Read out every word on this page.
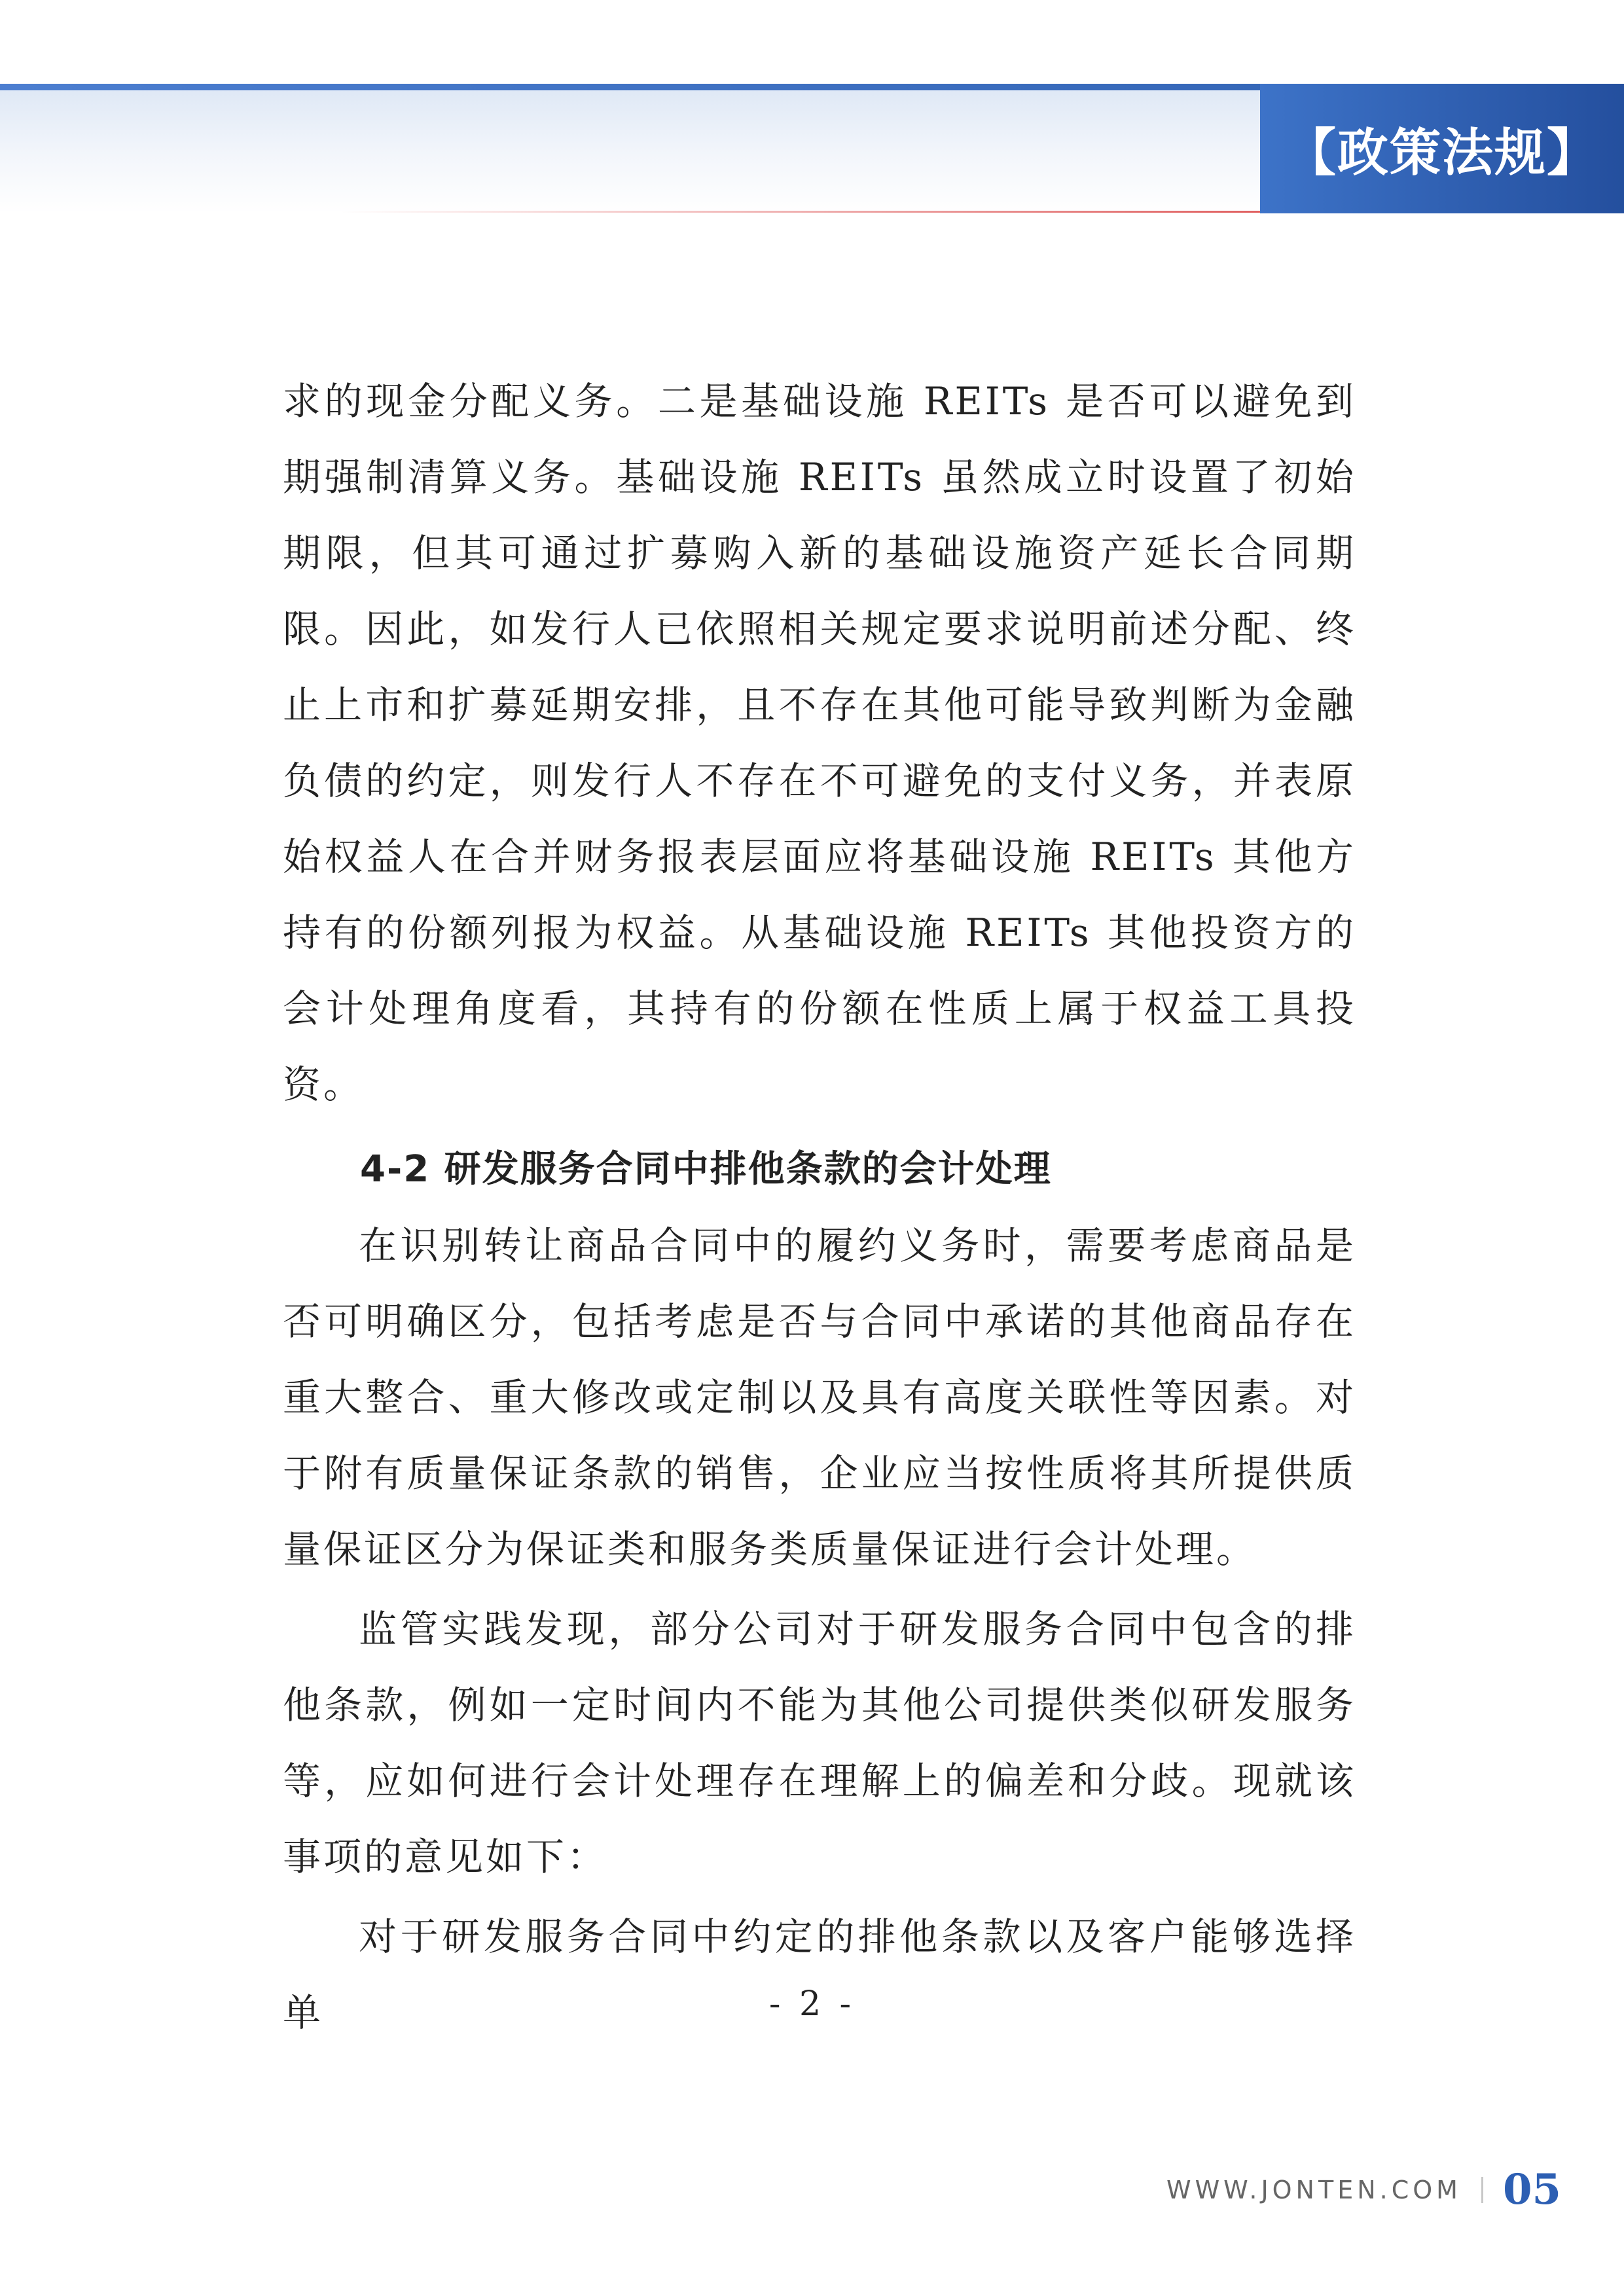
【政策法规】

求的现金分配义务。二是基础设施 REITs 是否可以避免到期强制清算义务。基础设施 REITs 虽然成立时设置了初始期限，但其可通过扩募购入新的基础设施资产延长合同期限。因此，如发行人已依照相关规定要求说明前述分配、终止上市和扩募延期安排，且不存在其他可能导致判断为金融负债的约定，则发行人不存在不可避免的支付义务，并表原始权益人在合并财务报表层面应将基础设施 REITs 其他方持有的份额列报为权益。从基础设施 REITs 其他投资方的会计处理角度看，其持有的份额在性质上属于权益工具投资。

4-2 研发服务合同中排他条款的会计处理

在识别转让商品合同中的履约义务时，需要考虑商品是否可明确区分，包括考虑是否与合同中承诺的其他商品存在重大整合、重大修改或定制以及具有高度关联性等因素。对于附有质量保证条款的销售，企业应当按性质将其所提供质量保证区分为保证类和服务类质量保证进行会计处理。

监管实践发现，部分公司对于研发服务合同中包含的排他条款，例如一定时间内不能为其他公司提供类似研发服务等，应如何进行会计处理存在理解上的偏差和分歧。现就该事项的意见如下：

对于研发服务合同中约定的排他条款以及客户能够选择单	- 2 -
WWW.JONTEN.COM 05
